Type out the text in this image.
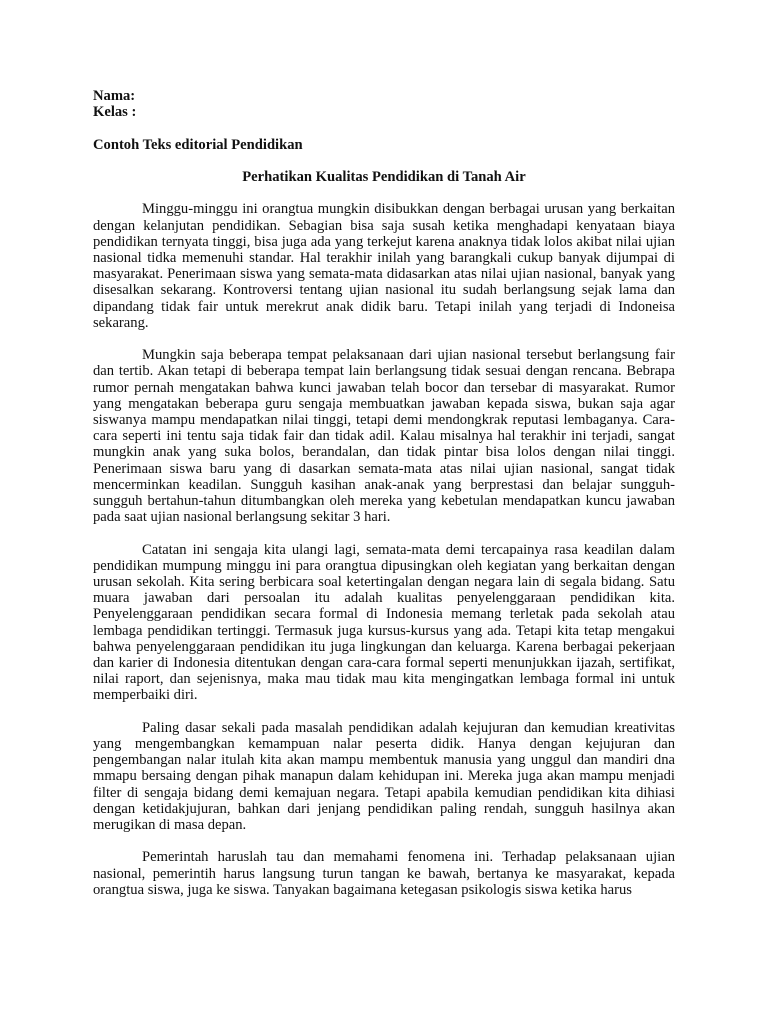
Nama:

Kelas :

Contoh Teks editorial Pendidikan

Perhatikan Kualitas Pendidikan di Tanah Air

Minggu-minggu ini orangtua mungkin disibukkan dengan berbagai urusan yang berkaitan dengan kelanjutan pendidikan. Sebagian bisa saja susah ketika menghadapi kenyataan biaya pendidikan ternyata tinggi, bisa juga ada yang terkejut karena anaknya tidak lolos akibat nilai ujian nasional tidka memenuhi standar. Hal terakhir inilah yang barangkali cukup banyak dijumpai di masyarakat. Penerimaan siswa yang semata-mata didasarkan atas nilai ujian nasional, banyak yang disesalkan sekarang. Kontroversi tentang ujian nasional itu sudah berlangsung sejak lama dan dipandang tidak fair untuk merekrut anak didik baru. Tetapi inilah yang terjadi di Indoneisa sekarang.

Mungkin saja beberapa tempat pelaksanaan dari ujian nasional tersebut berlangsung fair dan tertib. Akan tetapi di beberapa tempat lain berlangsung tidak sesuai dengan rencana. Bebrapa rumor pernah mengatakan bahwa kunci jawaban telah bocor dan tersebar di masyarakat. Rumor yang mengatakan beberapa guru sengaja membuatkan jawaban kepada siswa, bukan saja agar siswanya mampu mendapatkan nilai tinggi, tetapi demi mendongkrak reputasi lembaganya. Cara-cara seperti ini tentu saja tidak fair dan tidak adil. Kalau misalnya hal terakhir ini terjadi, sangat mungkin anak yang suka bolos, berandalan, dan tidak pintar bisa lolos dengan nilai tinggi. Penerimaan siswa baru yang di dasarkan semata-mata atas nilai ujian nasional, sangat tidak mencerminkan keadilan. Sungguh kasihan anak-anak yang berprestasi dan belajar sungguh-sungguh bertahun-tahun ditumbangkan oleh mereka yang kebetulan mendapatkan kuncu jawaban pada saat ujian nasional berlangsung sekitar 3 hari.

Catatan ini sengaja kita ulangi lagi, semata-mata demi tercapainya rasa keadilan dalam pendidikan mumpung minggu ini para orangtua dipusingkan oleh kegiatan yang berkaitan dengan urusan sekolah. Kita sering berbicara soal ketertingalan dengan negara lain di segala bidang. Satu muara jawaban dari persoalan itu adalah kualitas penyelenggaraan pendidikan kita. Penyelenggaraan pendidikan secara formal di Indonesia memang terletak pada sekolah atau lembaga pendidikan tertinggi. Termasuk juga kursus-kursus yang ada. Tetapi kita tetap mengakui bahwa penyelenggaraan pendidikan itu juga lingkungan dan keluarga. Karena berbagai pekerjaan dan karier di Indonesia ditentukan dengan cara-cara formal seperti menunjukkan ijazah, sertifikat, nilai raport, dan sejenisnya, maka mau tidak mau kita mengingatkan lembaga formal ini untuk memperbaiki diri.

Paling dasar sekali pada masalah pendidikan adalah kejujuran dan kemudian kreativitas yang mengembangkan kemampuan nalar peserta didik. Hanya dengan kejujuran dan pengembangan nalar itulah kita akan mampu membentuk manusia yang unggul dan mandiri dna mmapu bersaing dengan pihak manapun dalam kehidupan ini. Mereka juga akan mampu menjadi filter di sengaja bidang demi kemajuan negara. Tetapi apabila kemudian pendidikan kita dihiasi dengan ketidakjujuran, bahkan dari jenjang pendidikan paling rendah, sungguh hasilnya akan merugikan di masa depan.

Pemerintah haruslah tau dan memahami fenomena ini. Terhadap pelaksanaan ujian nasional, pemerintih harus langsung turun tangan ke bawah, bertanya ke masyarakat, kepada orangtua siswa, juga ke siswa. Tanyakan bagaimana ketegasan psikologis siswa ketika harus
